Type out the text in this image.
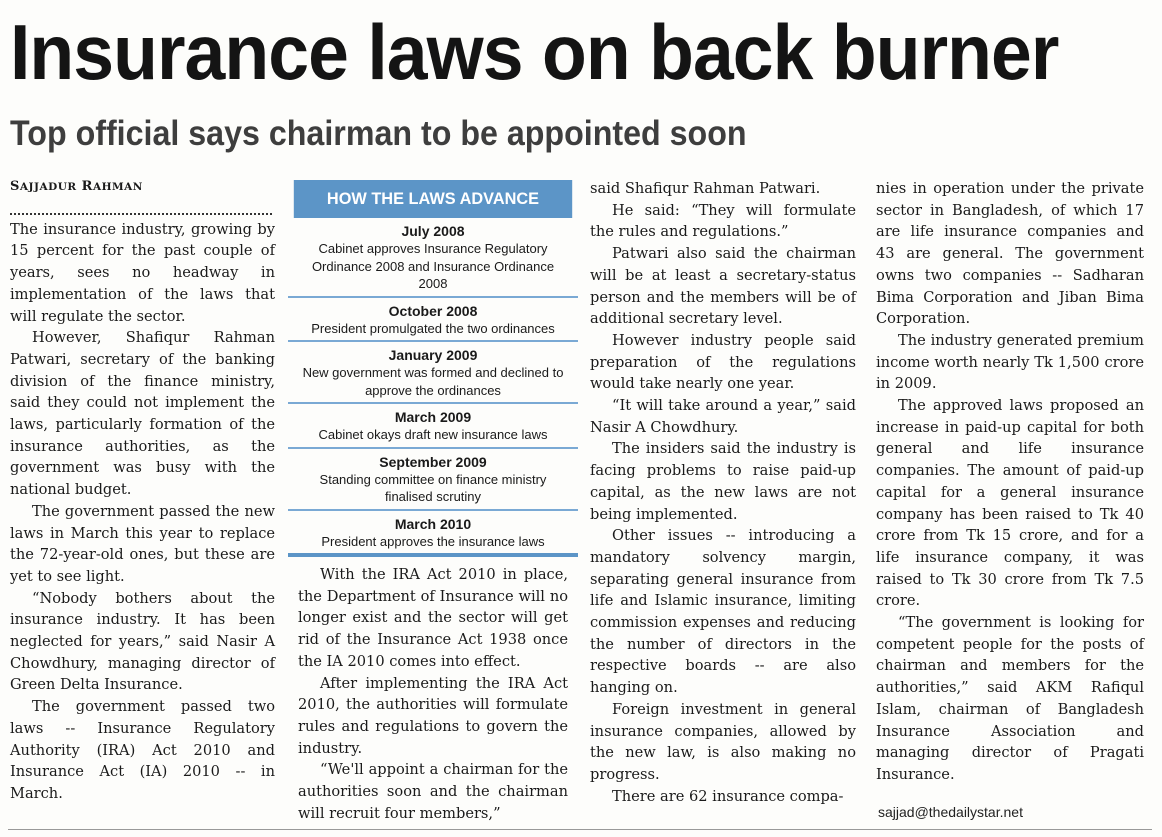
Insurance laws on back burner
Top official says chairman to be appointed soon
SAJJADUR RAHMAN

The insurance industry, growing by 15 percent for the past couple of years, sees no headway in implementation of the laws that will regulate the sector.

However, Shafiqur Rahman Patwari, secretary of the banking division of the finance ministry, said they could not implement the laws, particularly formation of the insurance authorities, as the government was busy with the national budget.

The government passed the new laws in March this year to replace the 72-year-old ones, but these are yet to see light.

“Nobody bothers about the insurance industry. It has been neglected for years,” said Nasir A Chowdhury, managing director of Green Delta Insurance.

The government passed two laws -- Insurance Regulatory Authority (IRA) Act 2010 and Insurance Act (IA) 2010 -- in March.

HOW THE LAWS ADVANCE
July 2008
Cabinet approves Insurance Regulatory Ordinance 2008 and Insurance Ordinance 2008
October 2008
President promulgated the two ordinances
January 2009
New government was formed and declined to approve the ordinances
March 2009
Cabinet okays draft new insurance laws
September 2009
Standing committee on finance ministry finalised scrutiny
March 2010
President approves the insurance laws

With the IRA Act 2010 in place, the Department of Insurance will no longer exist and the sector will get rid of the Insurance Act 1938 once the IA 2010 comes into effect.

After implementing the IRA Act 2010, the authorities will formulate rules and regulations to govern the industry.

“We'll appoint a chairman for the authorities soon and the chairman will recruit four members,”

said Shafiqur Rahman Patwari.

He said: “They will formulate the rules and regulations.”

Patwari also said the chairman will be at least a secretary-status person and the members will be of additional secretary level.

However industry people said preparation of the regulations would take nearly one year.

“It will take around a year,” said Nasir A Chowdhury.

The insiders said the industry is facing problems to raise paid-up capital, as the new laws are not being implemented.

Other issues -- introducing a mandatory solvency margin, separating general insurance from life and Islamic insurance, limiting commission expenses and reducing the number of directors in the respective boards -- are also hanging on.

Foreign investment in general insurance companies, allowed by the new law, is also making no progress.

There are 62 insurance compa-

nies in operation under the private sector in Bangladesh, of which 17 are life insurance companies and 43 are general. The government owns two companies -- Sadharan Bima Corporation and Jiban Bima Corporation.

The industry generated premium income worth nearly Tk 1,500 crore in 2009.

The approved laws proposed an increase in paid-up capital for both general and life insurance companies. The amount of paid-up capital for a general insurance company has been raised to Tk 40 crore from Tk 15 crore, and for a life insurance company, it was raised to Tk 30 crore from Tk 7.5 crore.

“The government is looking for competent people for the posts of chairman and members for the authorities,” said AKM Rafiqul Islam, chairman of Bangladesh Insurance Association and managing director of Pragati Insurance.

sajjad@thedailystar.net
